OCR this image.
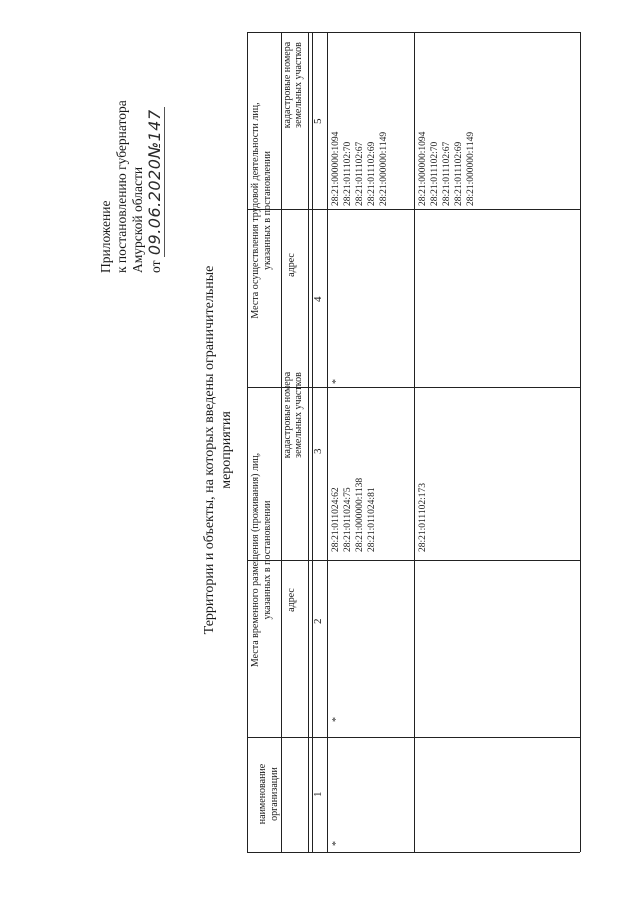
Приложение к постановлению губернатора Амурской области от 09.06.2020№147
Территории и объекты, на которых введены ограничительные мероприятия
наименование организации
Места временного размещения (проживания) лиц, указанных в постановлении
Места осуществления трудовой деятельности лиц, указанных в постановлении
адрес
кадастровые номера земельных участков
адрес
кадастровые номера земельных участков
1
2
3
4
5
*
*
28:21:011024:62 28:21:011024:75 28:21:000000:1138 28:21:011024:81
*
28:21:000000:1094 28:21:011102:70 28:21:011102:67 28:21:011102:69 28:21:000000:1149
28:21:011102:173
28:21:000000:1094 28:21:011102:70 28:21:011102:67 28:21:011102:69 28:21:000000:1149
